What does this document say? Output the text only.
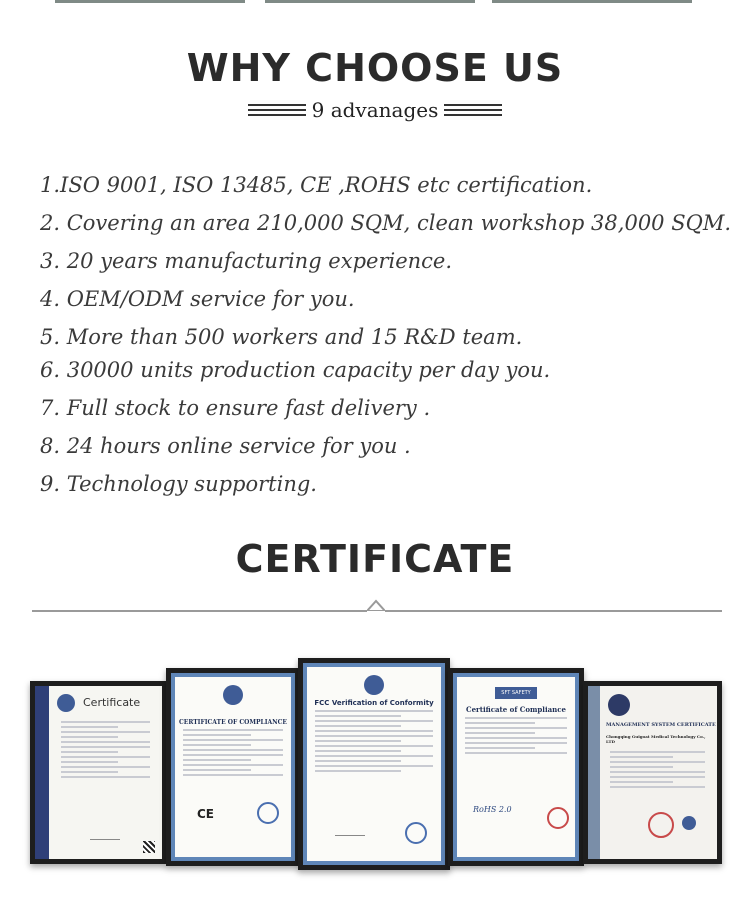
WHY CHOOSE US
9 advanages
1.ISO 9001, ISO 13485, CE ,ROHS etc certification.
2. Covering an area 210,000 SQM, clean workshop 38,000 SQM.
3. 20 years manufacturing experience.
4. OEM/ODM service for you.
5. More than 500 workers and 15 R&D team.
6. 30000 units production capacity per day you.
7. Full stock to ensure fast delivery .
8. 24 hours online service for you .
9. Technology supporting.
CERTIFICATE
Certificate
CERTIFICATE OF COMPLIANCE
CE
FCC Verification of Conformity
SFT SAFETY
Certificate of Compliance
RoHS 2.0
MANAGEMENT SYSTEM CERTIFICATE
Chongqing Guigoat Medical Technology Co., LTD
